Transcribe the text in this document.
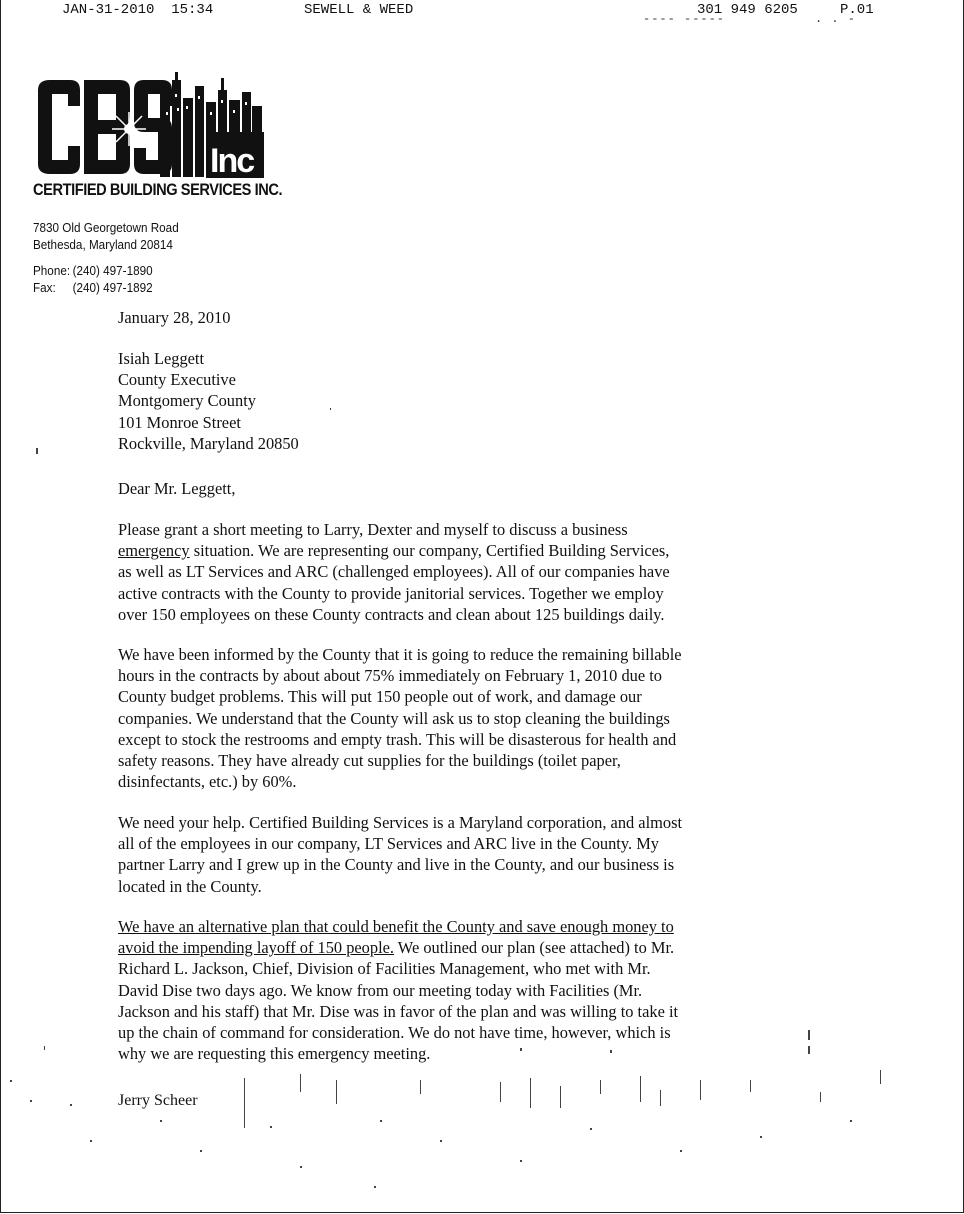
JAN-31-2010  15:34	SEWELL & WEED	301 949 6205	P.01
---- -----	. . -
Inc
CERTIFIED BUILDING SERVICES INC.
7830 Old Georgetown Road
Bethesda, Maryland 20814
Phone: (240) 497-1890
Fax: (240) 497-1892
January 28, 2010
Isiah Leggett
County Executive
Montgomery County
101 Monroe Street
Rockville, Maryland 20850
Dear Mr. Leggett,
Please grant a short meeting to Larry, Dexter and myself to discuss a business
emergency situation. We are representing our company, Certified Building Services,
as well as LT Services and ARC (challenged employees). All of our companies have
active contracts with the County to provide janitorial services. Together we employ
over 150 employees on these County contracts and clean about 125 buildings daily.
We have been informed by the County that it is going to reduce the remaining billable
hours in the contracts by about about 75% immediately on February 1, 2010 due to
County budget problems. This will put 150 people out of work, and damage our
companies. We understand that the County will ask us to stop cleaning the buildings
except to stock the restrooms and empty trash. This will be disasterous for health and
safety reasons. They have already cut supplies for the buildings (toilet paper,
disinfectants, etc.) by 60%.
We need your help. Certified Building Services is a Maryland corporation, and almost
all of the employees in our company, LT Services and ARC live in the County. My
partner Larry and I grew up in the County and live in the County, and our business is
located in the County.
We have an alternative plan that could benefit the County and save enough money to
avoid the impending layoff of 150 people. We outlined our plan (see attached) to Mr.
Richard L. Jackson, Chief, Division of Facilities Management, who met with Mr.
David Dise two days ago. We know from our meeting today with Facilities (Mr.
Jackson and his staff) that Mr. Dise was in favor of the plan and was willing to take it
up the chain of command for consideration. We do not have time, however, which is
why we are requesting this emergency meeting.
Jerry Scheer
